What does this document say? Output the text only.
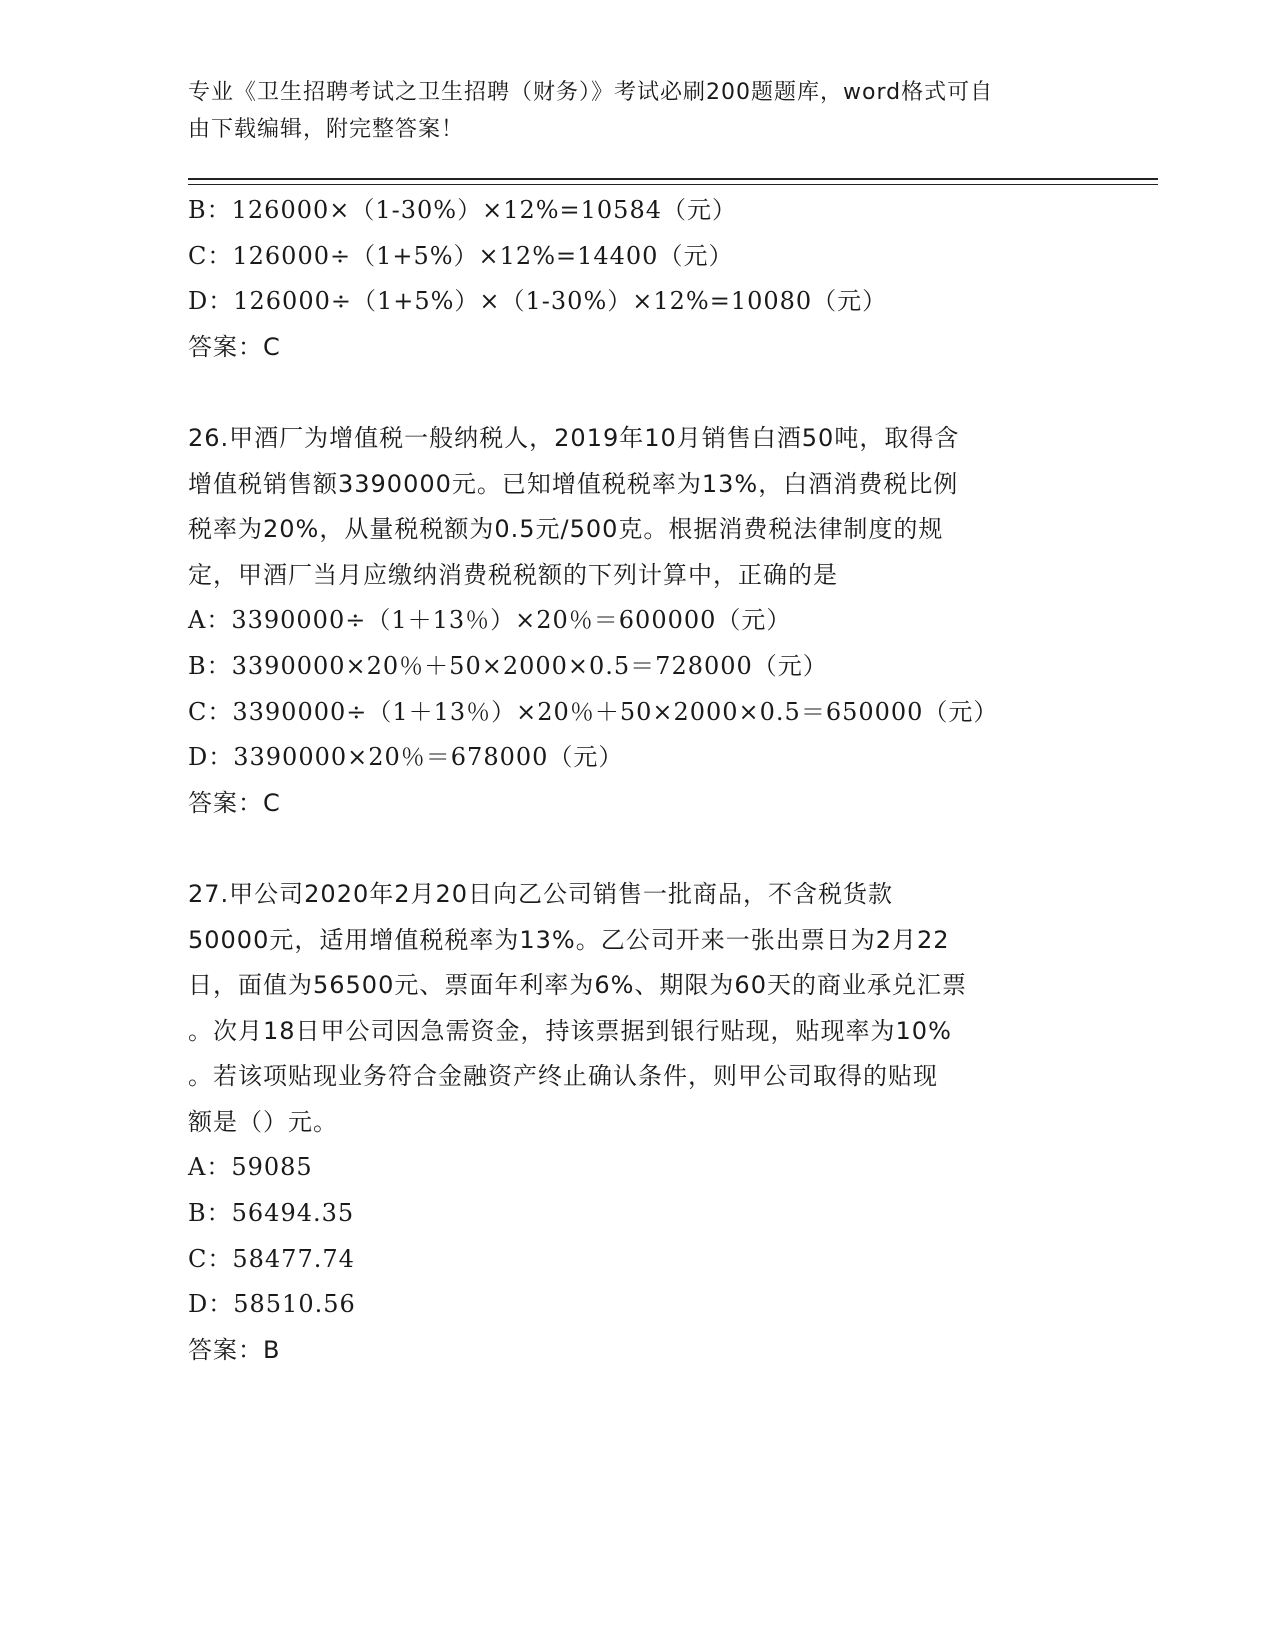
专业《卫生招聘考试之卫生招聘（财务）》考试必刷200题题库，word格式可自
由下载编辑，附完整答案！
B：126000×（1-30%）×12%=10584（元）
C：126000÷（1+5%）×12%=14400（元）
D：126000÷（1+5%）×（1-30%）×12%=10080（元）
答案：C
26.甲酒厂为增值税一般纳税人，2019年10月销售白酒50吨，取得含
增值税销售额3390000元。已知增值税税率为13%，白酒消费税比例
税率为20%，从量税税额为0.5元/500克。根据消费税法律制度的规
定，甲酒厂当月应缴纳消费税税额的下列计算中，正确的是
A：3390000÷（1＋13％）×20％＝600000（元）
B：3390000×20％＋50×2000×0.5＝728000（元）
C：3390000÷（1＋13％）×20％＋50×2000×0.5＝650000（元）
D：3390000×20％＝678000（元）
答案：C
27.甲公司2020年2月20日向乙公司销售一批商品，不含税货款
50000元，适用增值税税率为13%。乙公司开来一张出票日为2月22
日，面值为56500元、票面年利率为6%、期限为60天的商业承兑汇票
。次月18日甲公司因急需资金，持该票据到银行贴现，贴现率为10%
。若该项贴现业务符合金融资产终止确认条件，则甲公司取得的贴现
额是（）元。
A：59085
B：56494.35
C：58477.74
D：58510.56
答案：B
